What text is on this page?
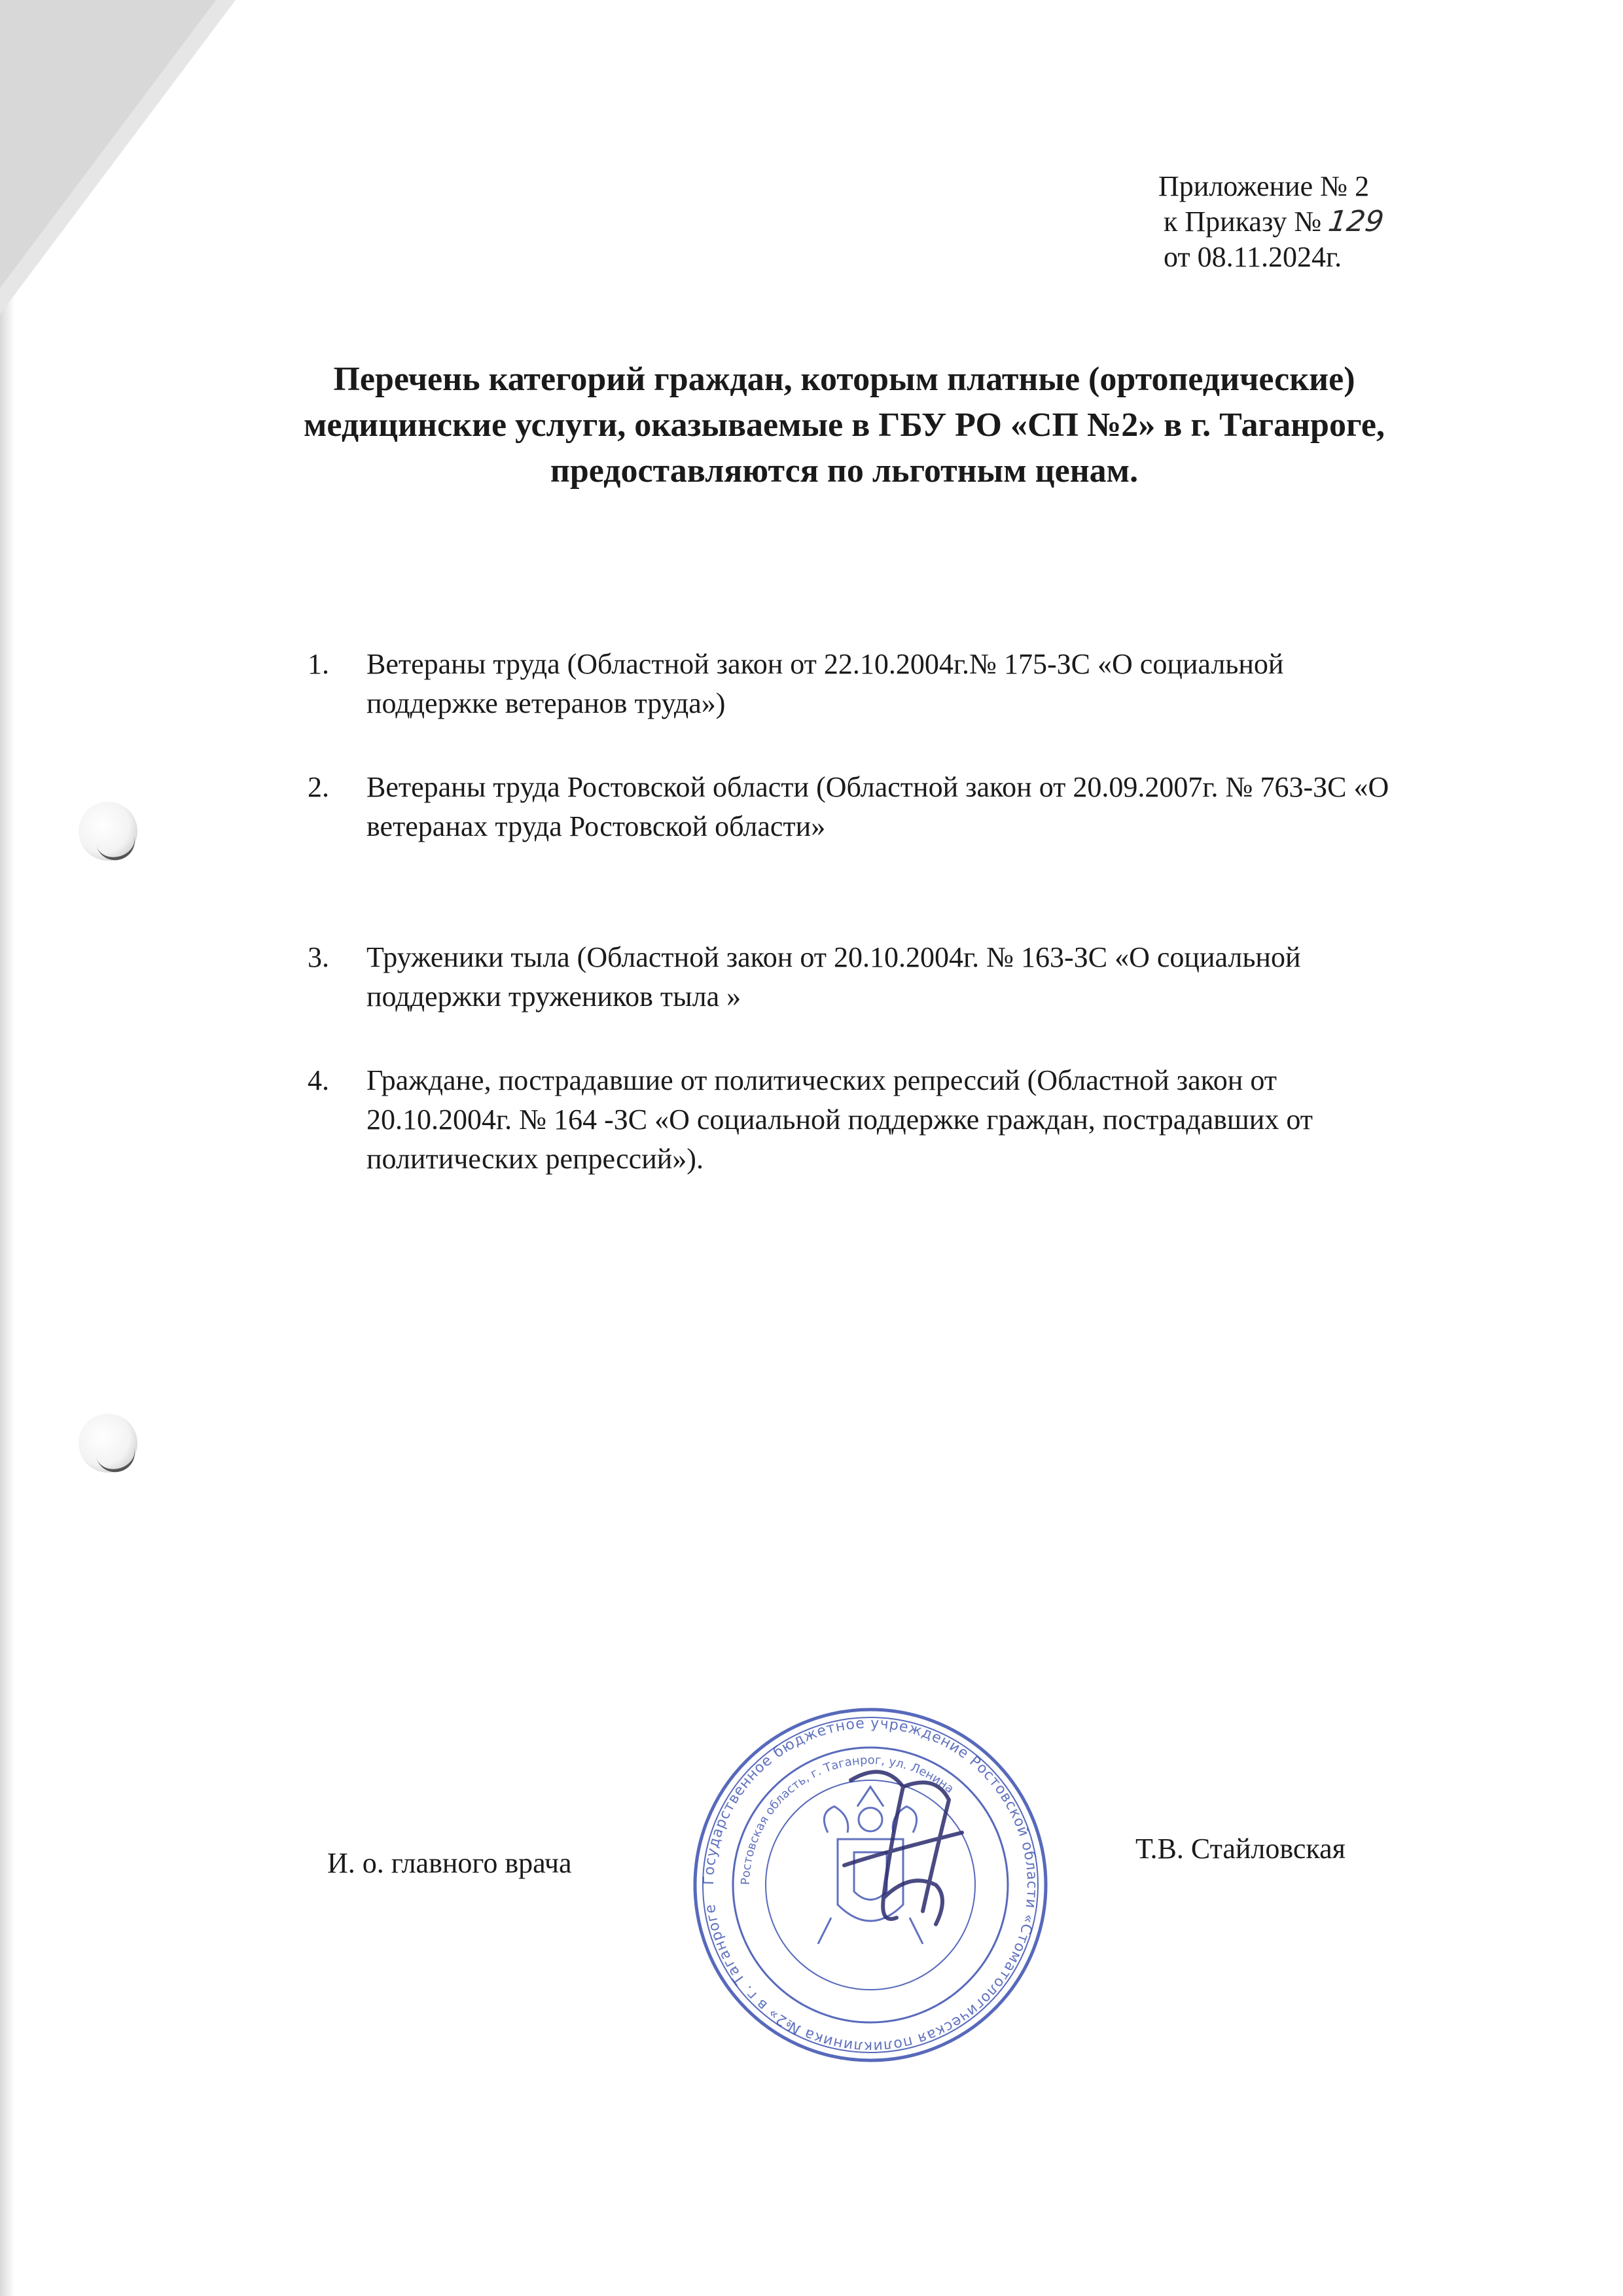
Приложение № 2
к Приказу № 129
от 08.11.2024г.
Перечень категорий граждан, которым платные (ортопедические)
медицинские услуги, оказываемые в ГБУ РО «СП №2» в г. Таганроге,
предоставляются по льготным ценам.
1. Ветераны труда (Областной закон от 22.10.2004г.№ 175-ЗС «О социальной
поддержке ветеранов труда»)
2. Ветераны труда Ростовской области (Областной закон от 20.09.2007г. № 763-ЗС «О
ветеранах труда Ростовской области»
3. Труженики тыла (Областной закон от 20.10.2004г. № 163-ЗС «О социальной
поддержки тружеников тыла »
4. Граждане, пострадавшие от политических репрессий (Областной закон от
20.10.2004г. № 164 -ЗС «О социальной поддержке граждан, пострадавших от
политических репрессий»).
И. о. главного врача	Т.В. Стайловская
Государственное бюджетное учреждение Ростовской области «Стоматологическая поликлиника №2» в г. Таганроге
Ростовская область, г. Таганрог, ул. Ленина
